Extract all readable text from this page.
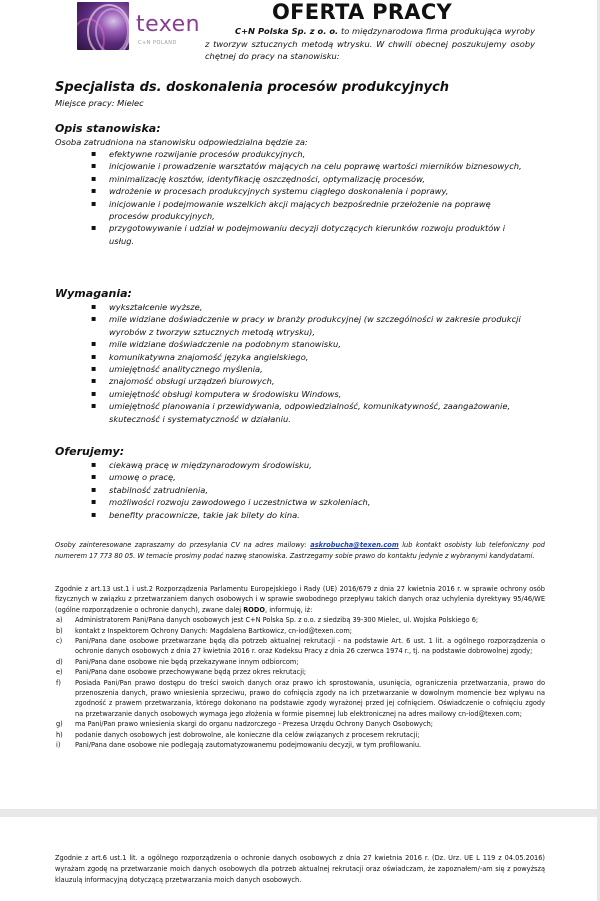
texen
C+N POLAND
OFERTA PRACY
C+N Polska Sp. z o. o. to międzynarodowa firma produkująca wyroby z tworzyw sztucznych metodą wtrysku. W chwili obecnej poszukujemy osoby chętnej do pracy na stanowisku:
Specjalista ds. doskonalenia procesów produkcyjnych
Miejsce pracy: Mielec
Opis stanowiska:
Osoba zatrudniona na stanowisku odpowiedzialna będzie za:
▪ efektywne rozwijanie procesów produkcyjnych,
▪ inicjowanie i prowadzenie warsztatów mających na celu poprawę wartości mierników biznesowych,
▪ minimalizację kosztów, identyfikację oszczędności, optymalizację procesów,
▪ wdrożenie w procesach produkcyjnych systemu ciągłego doskonalenia i poprawy,
▪ inicjowanie i podejmowanie wszelkich akcji mających bezpośrednie przełożenie na poprawę procesów produkcyjnych,
▪ przygotowywanie i udział w podejmowaniu decyzji dotyczących kierunków rozwoju produktów i usług.
Wymagania:
▪ wykształcenie wyższe,
▪ mile widziane doświadczenie w pracy w branży produkcyjnej (w szczególności w zakresie produkcji wyrobów z tworzyw sztucznych metodą wtrysku),
▪ mile widziane doświadczenie na podobnym stanowisku,
▪ komunikatywna znajomość języka angielskiego,
▪ umiejętność analitycznego myślenia,
▪ znajomość obsługi urządzeń biurowych,
▪ umiejętność obsługi komputera w środowisku Windows,
▪ umiejętność planowania i przewidywania, odpowiedzialność, komunikatywność, zaangażowanie, skuteczność i systematyczność w działaniu.
Oferujemy:
▪ ciekawą pracę w międzynarodowym środowisku,
▪ umowę o pracę,
▪ stabilność zatrudnienia,
▪ możliwości rozwoju zawodowego i uczestnictwa w szkoleniach,
▪ benefity pracownicze, takie jak bilety do kina.
Osoby zainteresowane zapraszamy do przesyłania CV na adres mailowy: askrobucha@texen.com lub kontakt osobisty lub telefoniczny pod numerem 17 773 80 05. W temacie prosimy podać nazwę stanowiska. Zastrzegamy sobie prawo do kontaktu jedynie z wybranymi kandydatami.

Zgodnie z art.13 ust.1 i ust.2 Rozporządzenia Parlamentu Europejskiego i Rady (UE) 2016/679 z dnia 27 kwietnia 2016 r. w sprawie ochrony osób fizycznych w związku z przetwarzaniem danych osobowych i w sprawie swobodnego przepływu takich danych oraz uchylenia dyrektywy 95/46/WE (ogólne rozporządzenie o ochronie danych), zwane dalej RODO, informuję, iż:

a) Administratorem Pani/Pana danych osobowych jest C+N Polska Sp. z o.o. z siedzibą 39-300 Mielec, ul. Wojska Polskiego 6;
b) kontakt z Inspektorem Ochrony Danych: Magdalena Bartkowicz, cn-iod@texen.com;
c) Pani/Pana dane osobowe przetwarzane będą dla potrzeb aktualnej rekrutacji - na podstawie Art. 6 ust. 1 lit. a ogólnego rozporządzenia o ochronie danych osobowych z dnia 27 kwietnia 2016 r. oraz Kodeksu Pracy z dnia 26 czerwca 1974 r., tj. na podstawie dobrowolnej zgody;
d) Pani/Pana dane osobowe nie będą przekazywane innym odbiorcom;
e) Pani/Pana dane osobowe przechowywane będą przez okres rekrutacji;
f) Posiada Pani/Pan prawo dostępu do treści swoich danych oraz prawo ich sprostowania, usunięcia, ograniczenia przetwarzania, prawo do przenoszenia danych, prawo wniesienia sprzeciwu, prawo do cofnięcia zgody na ich przetwarzanie w dowolnym momencie bez wpływu na zgodność z prawem przetwarzania, którego dokonano na podstawie zgody wyrażonej przed jej cofnięciem. Oświadczenie o cofnięciu zgody na przetwarzanie danych osobowych wymaga jego złożenia w formie pisemnej lub elektronicznej na adres mailowy cn-iod@texen.com;
g) ma Pani/Pan prawo wniesienia skargi do organu nadzorczego - Prezesa Urzędu Ochrony Danych Osobowych;
h) podanie danych osobowych jest dobrowolne, ale konieczne dla celów związanych z procesem rekrutacji;
i) Pani/Pana dane osobowe nie podlegają zautomatyzowanemu podejmowaniu decyzji, w tym profilowaniu.
Zgodnie z art.6 ust.1 lit. a ogólnego rozporządzenia o ochronie danych osobowych z dnia 27 kwietnia 2016 r. (Dz. Urz. UE L 119 z 04.05.2016) wyrażam zgodę na przetwarzanie moich danych osobowych dla potrzeb aktualnej rekrutacji oraz oświadczam, że zapoznałem/-am się z powyższą klauzulą informacyjną dotyczącą przetwarzania moich danych osobowych.
